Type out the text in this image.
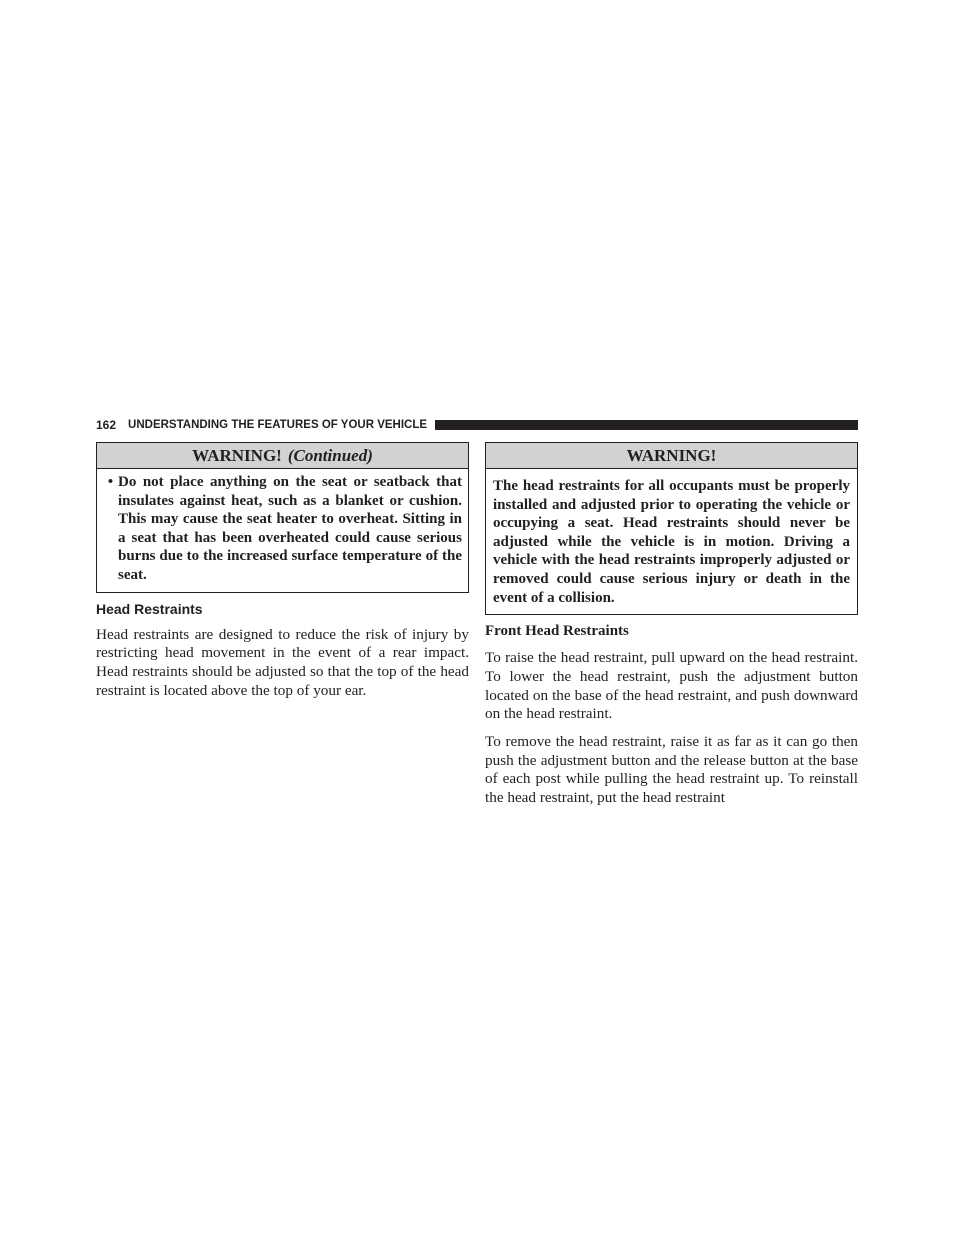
162 UNDERSTANDING THE FEATURES OF YOUR VEHICLE
WARNING! (Continued)
• Do not place anything on the seat or seatback that insulates against heat, such as a blanket or cushion. This may cause the seat heater to overheat. Sitting in a seat that has been overheated could cause serious burns due to the increased surface temperature of the seat.
Head Restraints
Head restraints are designed to reduce the risk of injury by restricting head movement in the event of a rear impact. Head restraints should be adjusted so that the top of the head restraint is located above the top of your ear.
WARNING!
The head restraints for all occupants must be properly installed and adjusted prior to operating the vehicle or occupying a seat. Head restraints should never be adjusted while the vehicle is in motion. Driving a vehicle with the head restraints improperly adjusted or removed could cause serious injury or death in the event of a collision.
Front Head Restraints
To raise the head restraint, pull upward on the head restraint. To lower the head restraint, push the adjustment button located on the base of the head restraint, and push downward on the head restraint.
To remove the head restraint, raise it as far as it can go then push the adjustment button and the release button at the base of each post while pulling the head restraint up. To reinstall the head restraint, put the head restraint
